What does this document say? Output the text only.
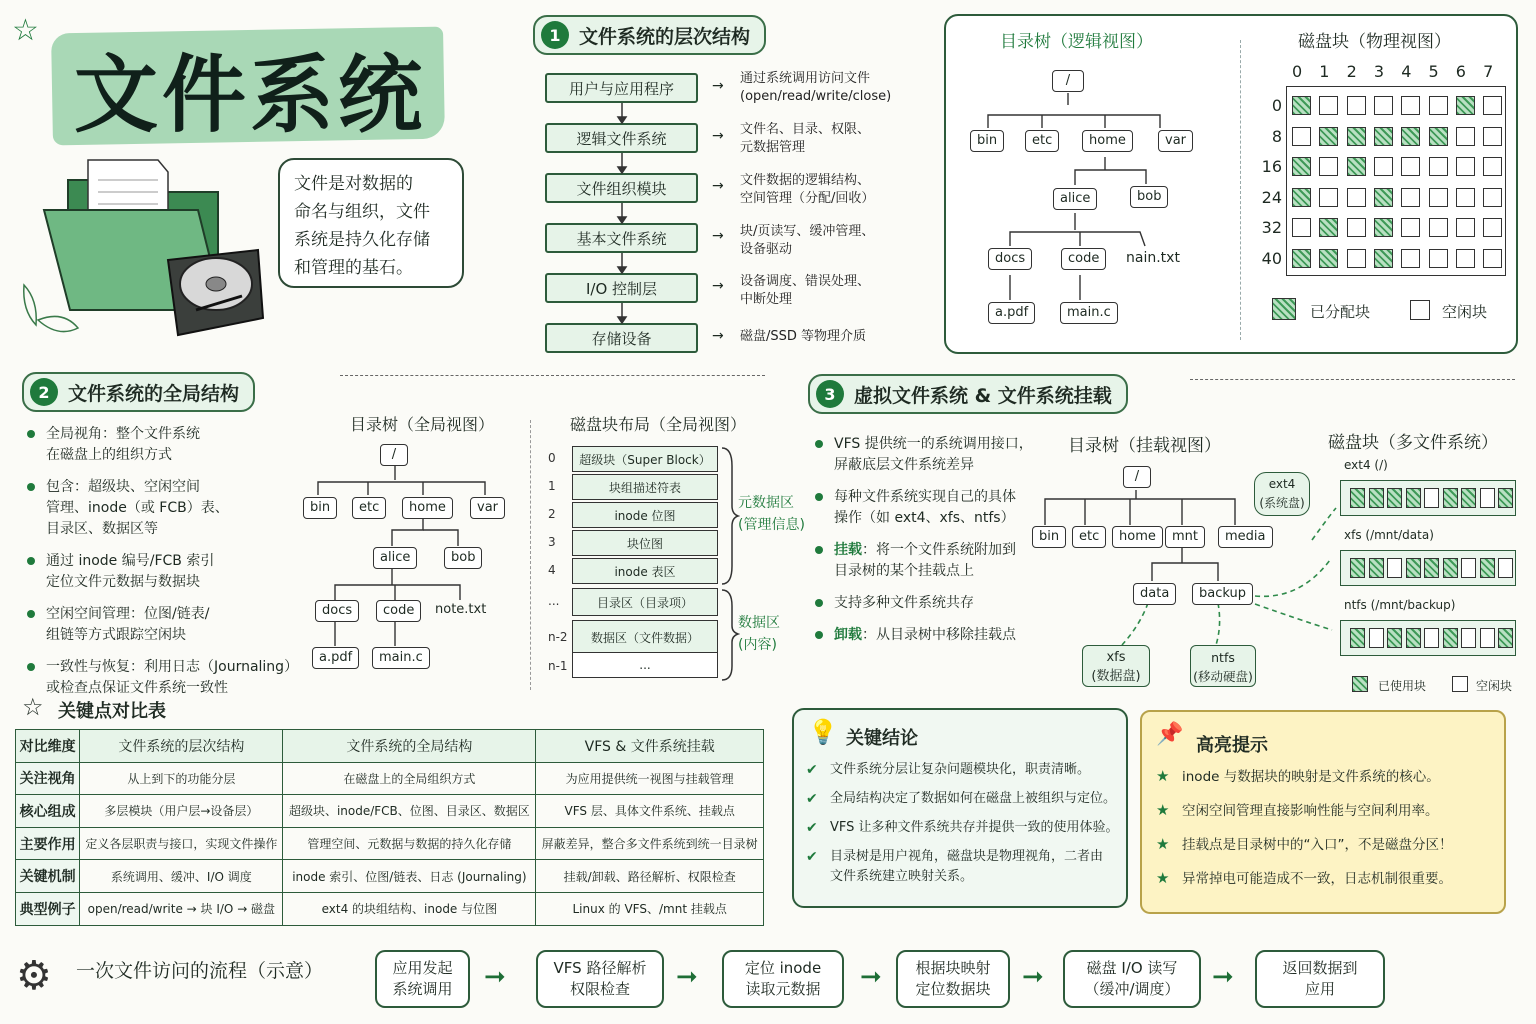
☆
文件系统
文件是对数据的
命名与组织，文件
系统是持久化存储
和管理的基石。
1 文件系统的层次结构
用户与应用程序
逻辑文件系统
文件组织模块
基本文件系统
I/O 控制层
存储设备
→
→
→
→
→
→
通过系统调用访问文件
(open/read/write/close)
文件名、目录、权限、
元数据管理
文件数据的逻辑结构、
空间管理（分配/回收）
块/页读写、缓冲管理、
设备驱动
设备调度、错误处理、
中断处理
磁盘/SSD 等物理介质
目录树（逻辑视图）	磁盘块（物理视图）
/
bin	etc	home	var
alice	bob
docs	code	nain.txt
a.pdf	main.c
0 1 2 3 4 5 6 7
0
8
16
24
32
40
已分配块	空闲块
2 文件系统的全局结构
全局视角：整个文件系统
在磁盘上的组织方式
包含：超级块、空闲空间
管理、inode（或 FCB）表、
目录区、数据区等
通过 inode 编号/FCB 索引
定位文件元数据与数据块
空闲空间管理：位图/链表/
组链等方式跟踪空闲块
一致性与恢复：利用日志（Journaling）
或检查点保证文件系统一致性
目录树（全局视图）
/
bin	etc	home	var
alice	bob
docs	code	note.txt
a.pdf	main.c
磁盘块布局（全局视图）
0	超级块（Super Block）
1	块组描述符表
2	inode 位图
3	块位图
4	inode 表区
...	目录区（目录项）
n-2	数据区（文件数据）
n-1	...
元数据区
(管理信息)
数据区
(内容)
3 虚拟文件系统 & 文件系统挂载
VFS 提供统一的系统调用接口，
屏蔽底层文件系统差异
每种文件系统实现自己的具体
操作（如 ext4、xfs、ntfs）
挂载：将一个文件系统附加到
目录树的某个挂载点上
支持多种文件系统共存
卸载：从目录树中移除挂载点
目录树（挂载视图）
/
bin	etc	home	mnt	media
data	backup
ext4
(系统盘)
xfs
(数据盘)
ntfs
(移动硬盘)
磁盘块（多文件系统）
ext4 (/)
xfs (/mnt/data)
ntfs (/mnt/backup)
已使用块	空闲块
☆ 关键点对比表
对比维度	文件系统的层次结构	文件系统的全局结构	VFS & 文件系统挂载
关注视角	从上到下的功能分层	在磁盘上的全局组织方式	为应用提供统一视图与挂载管理
核心组成	多层模块（用户层→设备层）	超级块、inode/FCB、位图、目录区、数据区	VFS 层、具体文件系统、挂载点
主要作用	定义各层职责与接口，实现文件操作	管理空间、元数据与数据的持久化存储	屏蔽差异，整合多文件系统到统一目录树
关键机制	系统调用、缓冲、I/O 调度	inode 索引、位图/链表、日志 (Journaling)	挂载/卸载、路径解析、权限检查
典型例子	open/read/write → 块 I/O → 磁盘	ext4 的块组结构、inode 与位图	Linux 的 VFS、/mnt 挂载点
💡 关键结论
✔ 文件系统分层让复杂问题模块化，职责清晰。
✔ 全局结构决定了数据如何在磁盘上被组织与定位。
✔ VFS 让多种文件系统共存并提供一致的使用体验。
✔ 目录树是用户视角，磁盘块是物理视角，二者由
文件系统建立映射关系。
📌 高亮提示
★ inode 与数据块的映射是文件系统的核心。
★ 空闲空间管理直接影响性能与空间利用率。
★ 挂载点是目录树中的“入口”，不是磁盘分区！
★ 异常掉电可能造成不一致，日志机制很重要。
⚙ 一次文件访问的流程（示意）	应用发起
系统调用 ➞	VFS 路径解析
权限检查	➞	定位 inode
读取元数据 ➞ 根据块映射
定位数据块 ➞	磁盘 I/O 读写
（缓冲/调度） ➞	返回数据到
应用
